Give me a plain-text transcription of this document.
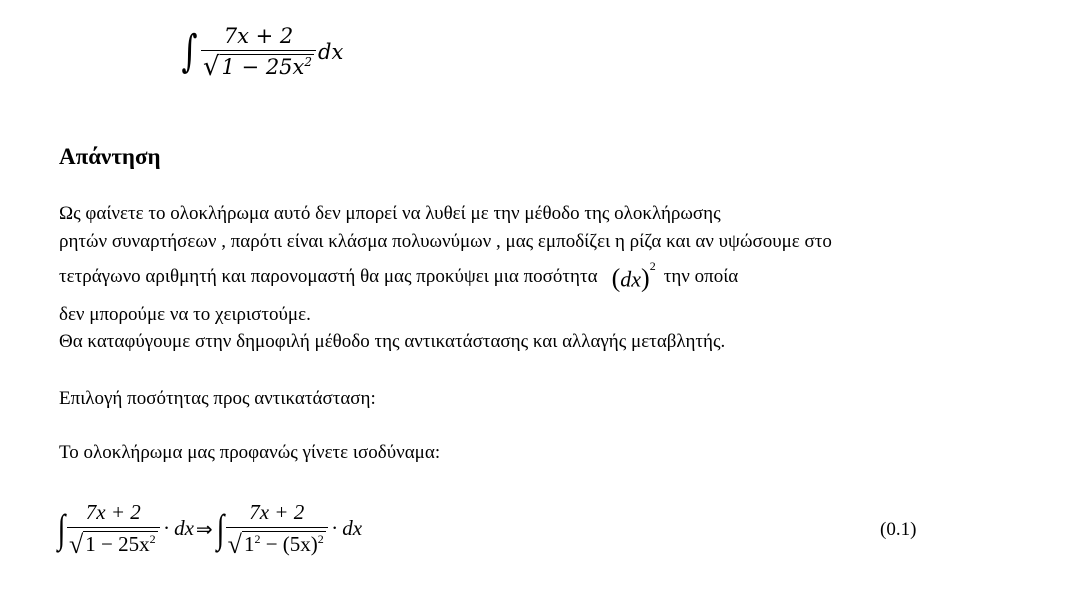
∫ $\frac{7x + 2}{√ 1 - 25x^2}$ dx
Απάντηση
Ως φαίνετε το ολοκλήρωμα αυτό δεν μπορεί να λυθεί με την μέθοδο της ολοκλήρωσης
ρητών συναρτήσεων , παρότι είναι κλάσμα πολυωνύμων , μας εμποδίζει η ρίζα και αν υψώσουμε στο
τετράγωνο αριθμητή και παρονομαστή θα μας προκύψει μια ποσότητα (dx)$^2$ την οποία
δεν μπορούμε να το χειριστούμε.
Θα καταφύγουμε στην δημοφιλή μέθοδο της αντικατάστασης και αλλαγής μεταβλητής.
Επιλογή ποσότητας προς αντικατάσταση:
Το ολοκλήρωμα μας προφανώς γίνετε ισοδύναμα:
∫ $\frac{7x + 2}{√ 1 - 25x^2}$ · dx ⇒ ∫ $\frac{7x + 2}{√ 1^2 - (5x)^2}$ · dx	(0.1)
